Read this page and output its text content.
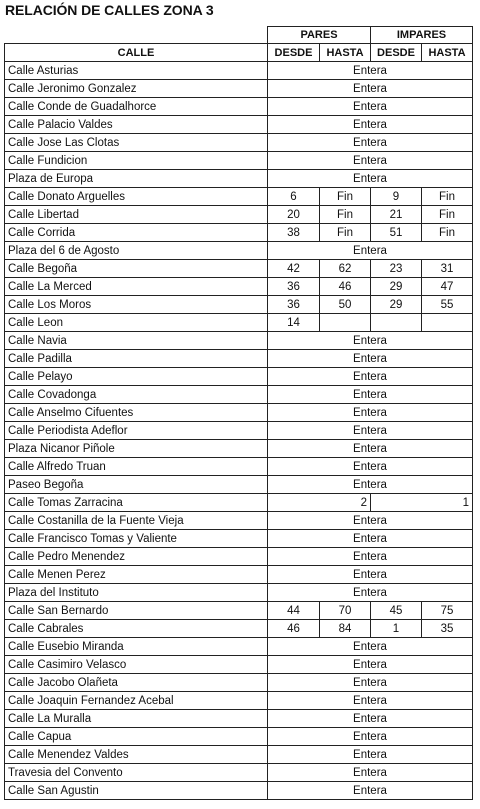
RELACIÓN DE CALLES ZONA 3
	PARES		IMPARES	
CALLE	DESDE	HASTA	DESDE	HASTA
Calle Asturias	Entera			
Calle Jeronimo Gonzalez	Entera			
Calle Conde de Guadalhorce	Entera			
Calle Palacio Valdes	Entera			
Calle Jose Las Clotas	Entera			
Calle Fundicion	Entera			
Plaza de Europa	Entera			
Calle Donato Arguelles	6	Fin	9	Fin
Calle Libertad	20	Fin	21	Fin
Calle Corrida	38	Fin	51	Fin
Plaza del 6 de Agosto	Entera			
Calle Begoña	42	62	23	31
Calle La Merced	36	46	29	47
Calle Los Moros	36	50	29	55
Calle Leon	14			
Calle Navia	Entera			
Calle Padilla	Entera			
Calle Pelayo	Entera			
Calle Covadonga	Entera			
Calle Anselmo Cifuentes	Entera			
Calle Periodista Adeflor	Entera			
Plaza Nicanor Piñole	Entera			
Calle Alfredo Truan	Entera			
Paseo Begoña	Entera			
Calle Tomas Zarracina	2		1	
Calle Costanilla de la Fuente Vieja	Entera			
Calle Francisco Tomas y Valiente	Entera			
Calle Pedro Menendez	Entera			
Calle Menen Perez	Entera			
Plaza del Instituto	Entera			
Calle San Bernardo	44	70	45	75
Calle Cabrales	46	84	1	35
Calle Eusebio Miranda	Entera			
Calle Casimiro Velasco	Entera			
Calle Jacobo Olañeta	Entera			
Calle Joaquin Fernandez Acebal	Entera			
Calle La Muralla	Entera			
Calle Capua	Entera			
Calle Menendez Valdes	Entera			
Travesia del Convento	Entera			
Calle San Agustin	Entera			
